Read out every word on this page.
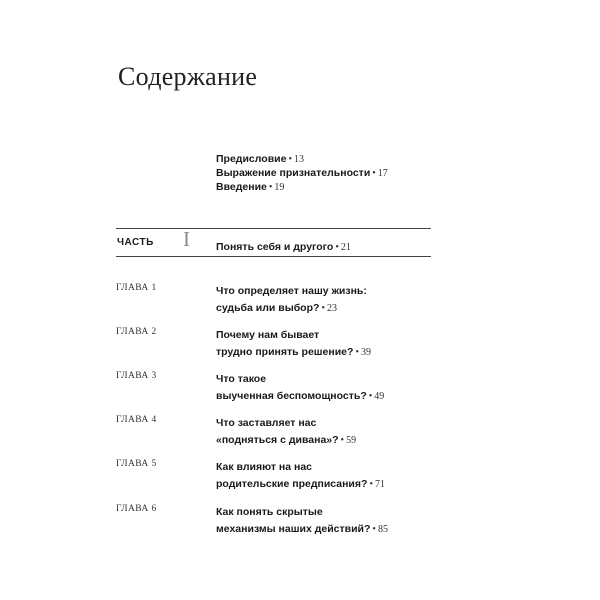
Содержание
Предисловие • 13
Выражение признательности • 17
Введение • 19
ЧАСТЬ I Понять себя и другого • 21
ГЛАВА 1	Что определяет нашу жизнь:
судьба или выбор? • 23
ГЛАВА 2	Почему нам бывает
трудно принять решение? • 39
ГЛАВА 3	Что такое
выученная беспомощность? • 49
ГЛАВА 4	Что заставляет нас
«подняться с дивана»? • 59
ГЛАВА 5	Как влияют на нас
родительские предписания? • 71
ГЛАВА 6	Как понять скрытые
механизмы наших действий? • 85
